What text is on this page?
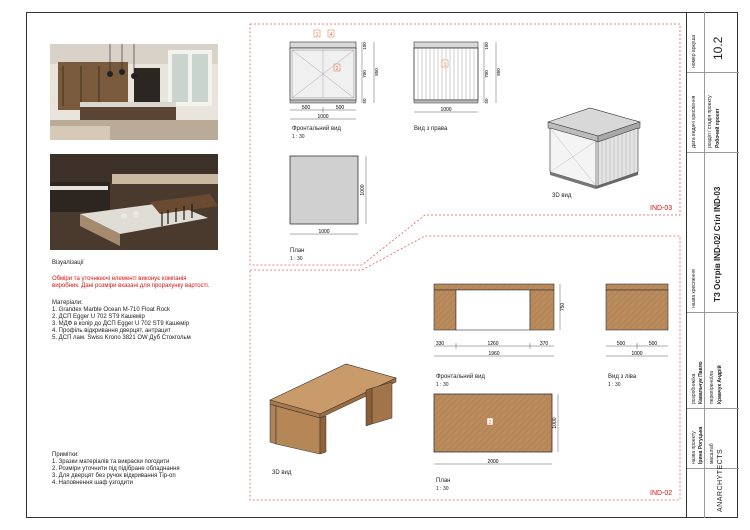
Візуалізації
Обміри та уточнюючі елементі виконує компанія
виробник. Дані розміри вказані для прорахунку вартості.
Матеріали:
1. Grandex Marble Ocean M-710 Float Rock
2. ДСП Egger U 702 ST9 Кашемір
3. МДФ в колір до ДСП Egger U 702 ST9 Кашемір
4. Профіль відкривання дверцят, антрацит
5. ДСП лам. Swiss Krono 3821 OW Дуб Стокгольм
Примітки:
1. Зразки матеріалів та викраски погодити
2. Розміри уточнити під підібране обладнання
3. Для дверцят без ручок відкривання Tip-on
4. Наповнення шаф узгодити
IND-03
IND-02
1 4
2
500	500
1000
100
700
50
850
Фронтальний вид
1 : 30
1
1000
100
700
50
850
Вид з права
3D вид
1000
1000
План
1 : 30
750
330	1260	370
1960
Фронтальний вид
1 : 30
500	500
1000
Вид з ліва
1 : 30
3D вид
2
2000
1000
План
1 : 30
номер аркуша 10.2
дата видачі креслення розділ / стадія проекту Робочий проект
назва креслення ТЗ Острів IND-02/ Стіл IND-03
розробник/ка Кавальчук Павло перевірено/ла Кравчук Андрій
назва проекту Ірина Рогуцька масштаб ANARCHYTECTS
